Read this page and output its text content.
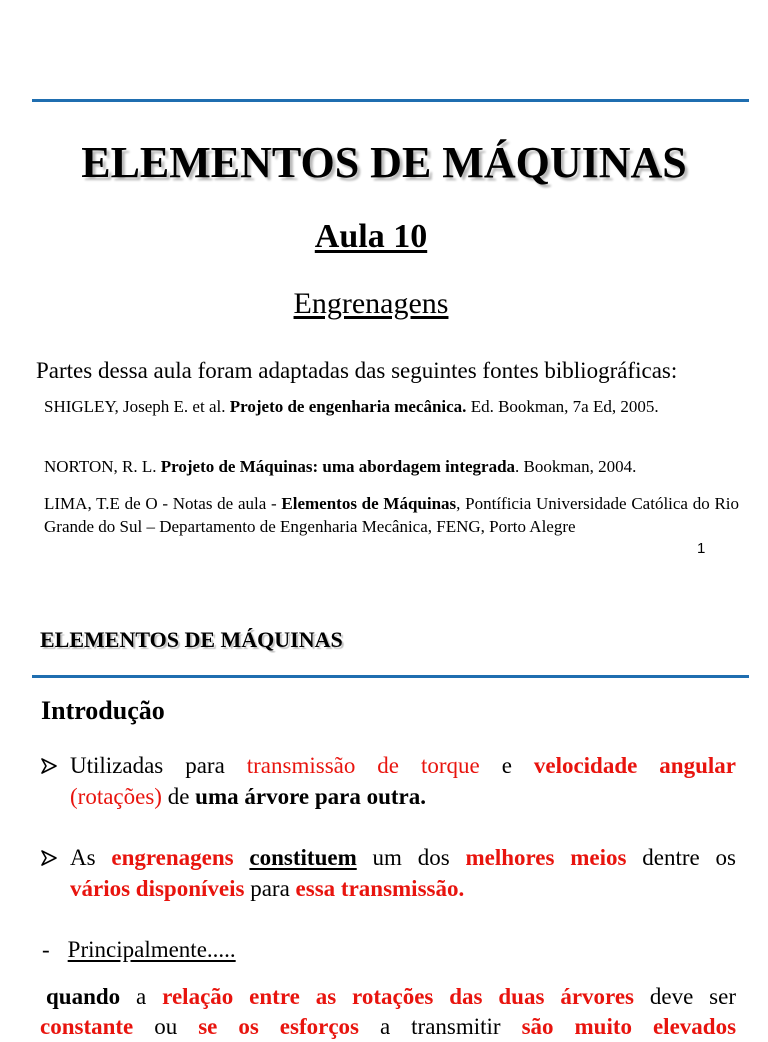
ELEMENTOS DE MÁQUINAS
Aula 10
Engrenagens
Partes dessa aula foram adaptadas das seguintes fontes bibliográficas:
SHIGLEY, Joseph E. et al. Projeto de engenharia mecânica. Ed. Bookman, 7a Ed, 2005.
NORTON, R. L. Projeto de Máquinas: uma abordagem integrada. Bookman, 2004.
LIMA, T.E de O - Notas de aula - Elementos de Máquinas, Pontíficia Universidade Católica do Rio Grande do Sul – Departamento de Engenharia Mecânica, FENG, Porto Alegre
1
ELEMENTOS DE MÁQUINAS
Introdução
Utilizadas para transmissão de torque e velocidade angular
(rotações) de uma árvore para outra.
As engrenagens constituem um dos melhores meios dentre os
vários disponíveis para essa transmissão.
- Principalmente.....
quando a relação entre as rotações das duas árvores deve ser
constante ou se os esforços a transmitir são muito elevados
